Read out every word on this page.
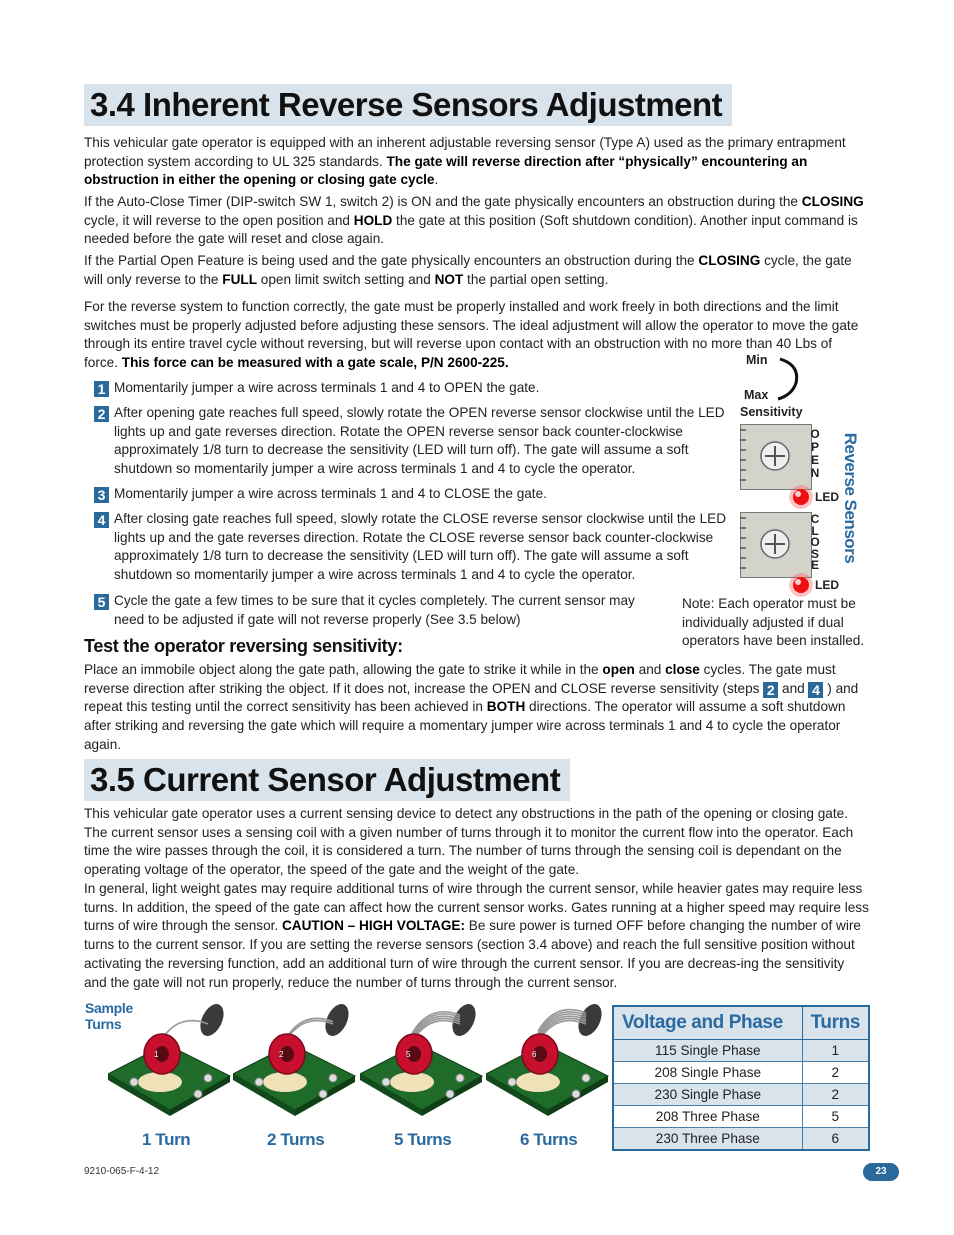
3.4 Inherent Reverse Sensors Adjustment
This vehicular gate operator is equipped with an inherent adjustable reversing sensor (Type A) used as the primary entrapment protection system according to UL 325 standards. The gate will reverse direction after “physically” encountering an obstruction in either the opening or closing gate cycle.
If the Auto-Close Timer (DIP-switch SW 1, switch 2) is ON and the gate physically encounters an obstruction during the CLOSING cycle, it will reverse to the open position and HOLD the gate at this position (Soft shutdown condition). Another input command is needed before the gate will reset and close again.
If the Partial Open Feature is being used and the gate physically encounters an obstruction during the CLOSING cycle, the gate will only reverse to the FULL open limit switch setting and NOT the partial open setting.
For the reverse system to function correctly, the gate must be properly installed and work freely in both directions and the limit switches must be properly adjusted before adjusting these sensors. The ideal adjustment will allow the operator to move the gate through its entire travel cycle without reversing, but will reverse upon contact with an obstruction with no more than 40 Lbs of force. This force can be measured with a gate scale, P/N 2600-225.
1 Momentarily jumper a wire across terminals 1 and 4 to OPEN the gate.
2 After opening gate reaches full speed, slowly rotate the OPEN reverse sensor clockwise until the LED lights up and gate reverses direction. Rotate the OPEN reverse sensor back counter-clockwise approximately 1/8 turn to decrease the sensitivity (LED will turn off). The gate will assume a soft shutdown so momentarily jumper a wire across terminals 1 and 4 to cycle the operator.
3 Momentarily jumper a wire across terminals 1 and 4 to CLOSE the gate.
4 After closing gate reaches full speed, slowly rotate the CLOSE reverse sensor clockwise until the LED lights up and the gate reverses direction. Rotate the CLOSE reverse sensor back counter-clockwise approximately 1/8 turn to decrease the sensitivity (LED will turn off). The gate will assume a soft shutdown so momentarily jumper a wire across terminals 1 and 4 to cycle the operator.
5 Cycle the gate a few times to be sure that it cycles completely. The current sensor may need to be adjusted if gate will not reverse properly (See 3.5 below)
Min
Max
Sensitivity
OPEN
LED
CLOSE
LED
Reverse Sensors
Note: Each operator must be individually adjusted if dual operators have been installed.
Test the operator reversing sensitivity:
Place an immobile object along the gate path, allowing the gate to strike it while in the open and close cycles. The gate must reverse direction after striking the object. If it does not, increase the OPEN and CLOSE reverse sensitivity (steps 2 and 4 ) and repeat this testing until the correct sensitivity has been achieved in BOTH directions. The operator will assume a soft shutdown after striking and reversing the gate which will require a momentary jumper wire across terminals 1 and 4 to cycle the operator again.
3.5 Current Sensor Adjustment
This vehicular gate operator uses a current sensing device to detect any obstructions in the path of the opening or closing gate. The current sensor uses a sensing coil with a given number of turns through it to monitor the current flow into the operator. Each time the wire passes through the coil, it is considered a turn. The number of turns through the sensing coil is dependant on the operating voltage of the operator, the speed of the gate and the weight of the gate.
In general, light weight gates may require additional turns of wire through the current sensor, while heavier gates may require less turns. In addition, the speed of the gate can affect how the current sensor works. Gates running at a higher speed may require less turns of wire through the sensor. CAUTION – HIGH VOLTAGE: Be sure power is turned OFF before changing the number of wire turns to the current sensor. If you are setting the reverse sensors (section 3.4 above) and reach the full sensitive position without activating the reversing function, add an additional turn of wire through the current sensor. If you are decreas-ing the sensitivity and the gate will not run properly, reduce the number of turns through the current sensor.
Sample Turns
1
1 Turn
2
2 Turns
5
5 Turns
6
6 Turns
Voltage and Phase	Turns
115 Single Phase	1
208 Single Phase	2
230 Single Phase	2
208 Three Phase	5
230 Three Phase	6
9210-065-F-4-12	23
